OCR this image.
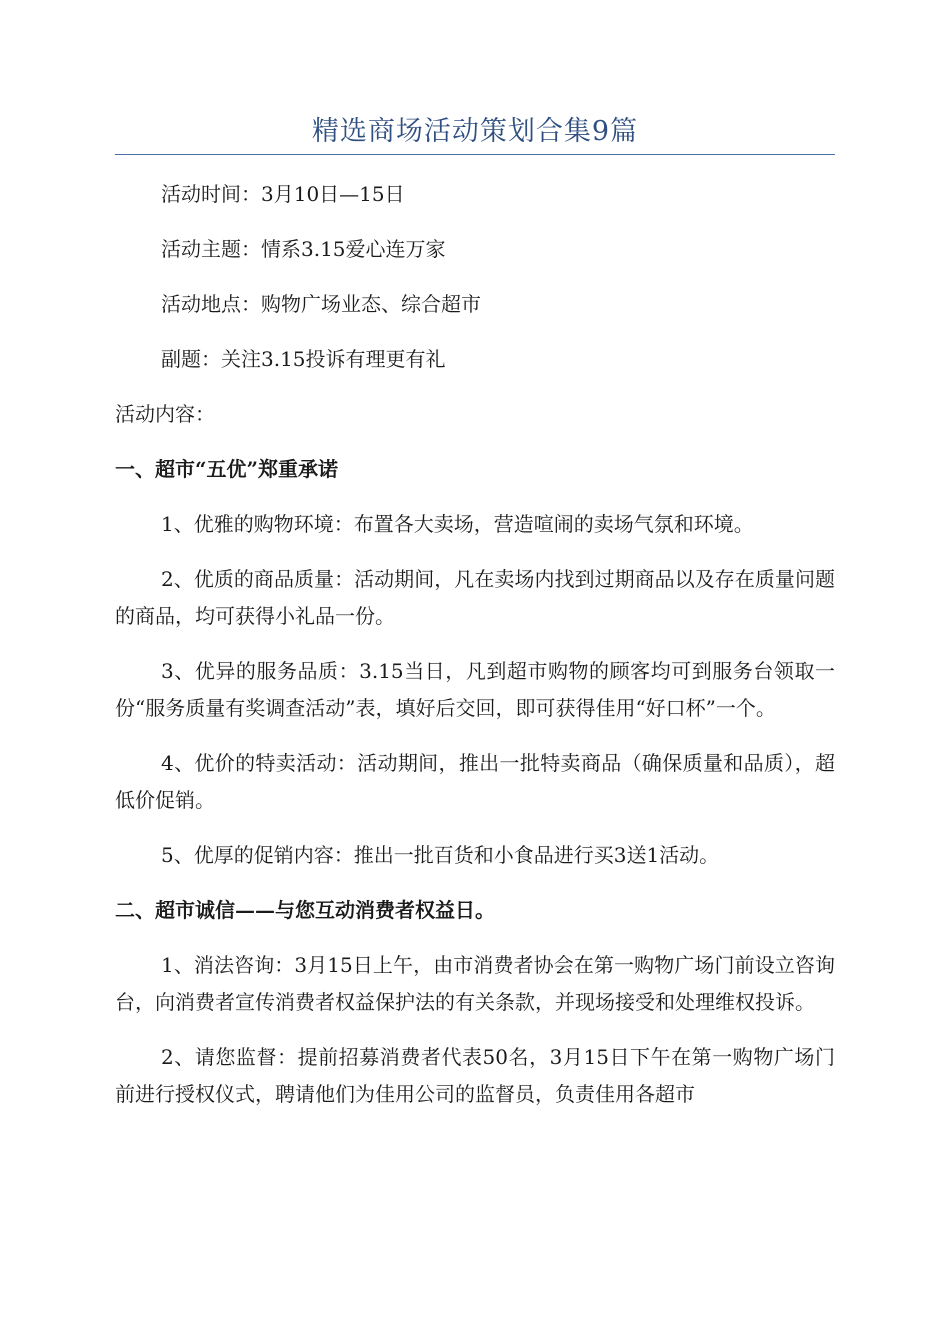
精选商场活动策划合集9篇

活动时间：3月10日—15日

活动主题：情系3.15爱心连万家

活动地点：购物广场业态、综合超市

副题：关注3.15投诉有理更有礼

活动内容：

一、超市“五优”郑重承诺

1、优雅的购物环境：布置各大卖场，营造喧闹的卖场气氛和环境。

2、优质的商品质量：活动期间，凡在卖场内找到过期商品以及存在质量问题的商品，均可获得小礼品一份。

3、优异的服务品质：3.15当日，凡到超市购物的顾客均可到服务台领取一份“服务质量有奖调查活动”表，填好后交回，即可获得佳用“好口杯”一个。

4、优价的特卖活动：活动期间，推出一批特卖商品（确保质量和品质），超低价促销。

5、优厚的促销内容：推出一批百货和小食品进行买3送1活动。

二、超市诚信——与您互动消费者权益日。

1、消法咨询：3月15日上午，由市消费者协会在第一购物广场门前设立咨询台，向消费者宣传消费者权益保护法的有关条款，并现场接受和处理维权投诉。

2、请您监督：提前招募消费者代表50名，3月15日下午在第一购物广场门前进行授权仪式，聘请他们为佳用公司的监督员，负责佳用各超市
